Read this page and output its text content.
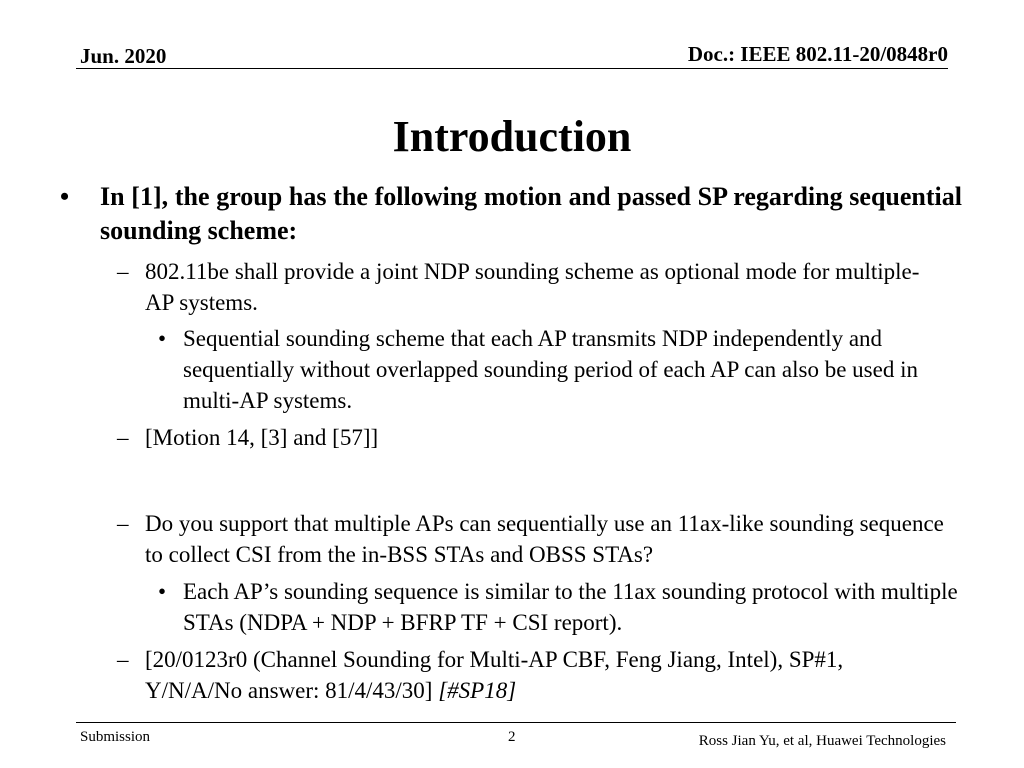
Jun. 2020	Doc.: IEEE 802.11-20/0848r0
Introduction
• In [1], the group has the following motion and passed SP regarding sequential sounding scheme:
– 802.11be shall provide a joint NDP sounding scheme as optional mode for multiple-AP systems.
• Sequential sounding scheme that each AP transmits NDP independently and sequentially without overlapped sounding period of each AP can also be used in multi-AP systems.
– [Motion 14, [3] and [57]]
– Do you support that multiple APs can sequentially use an 11ax-like sounding sequence to collect CSI from the in-BSS STAs and OBSS STAs?
• Each AP’s sounding sequence is similar to the 11ax sounding protocol with multiple STAs (NDPA + NDP + BFRP TF + CSI report).
– [20/0123r0 (Channel Sounding for Multi-AP CBF, Feng Jiang, Intel), SP#1, Y/N/A/No answer: 81/4/43/30] [#SP18]
Submission	2	Ross Jian Yu, et al, Huawei Technologies
